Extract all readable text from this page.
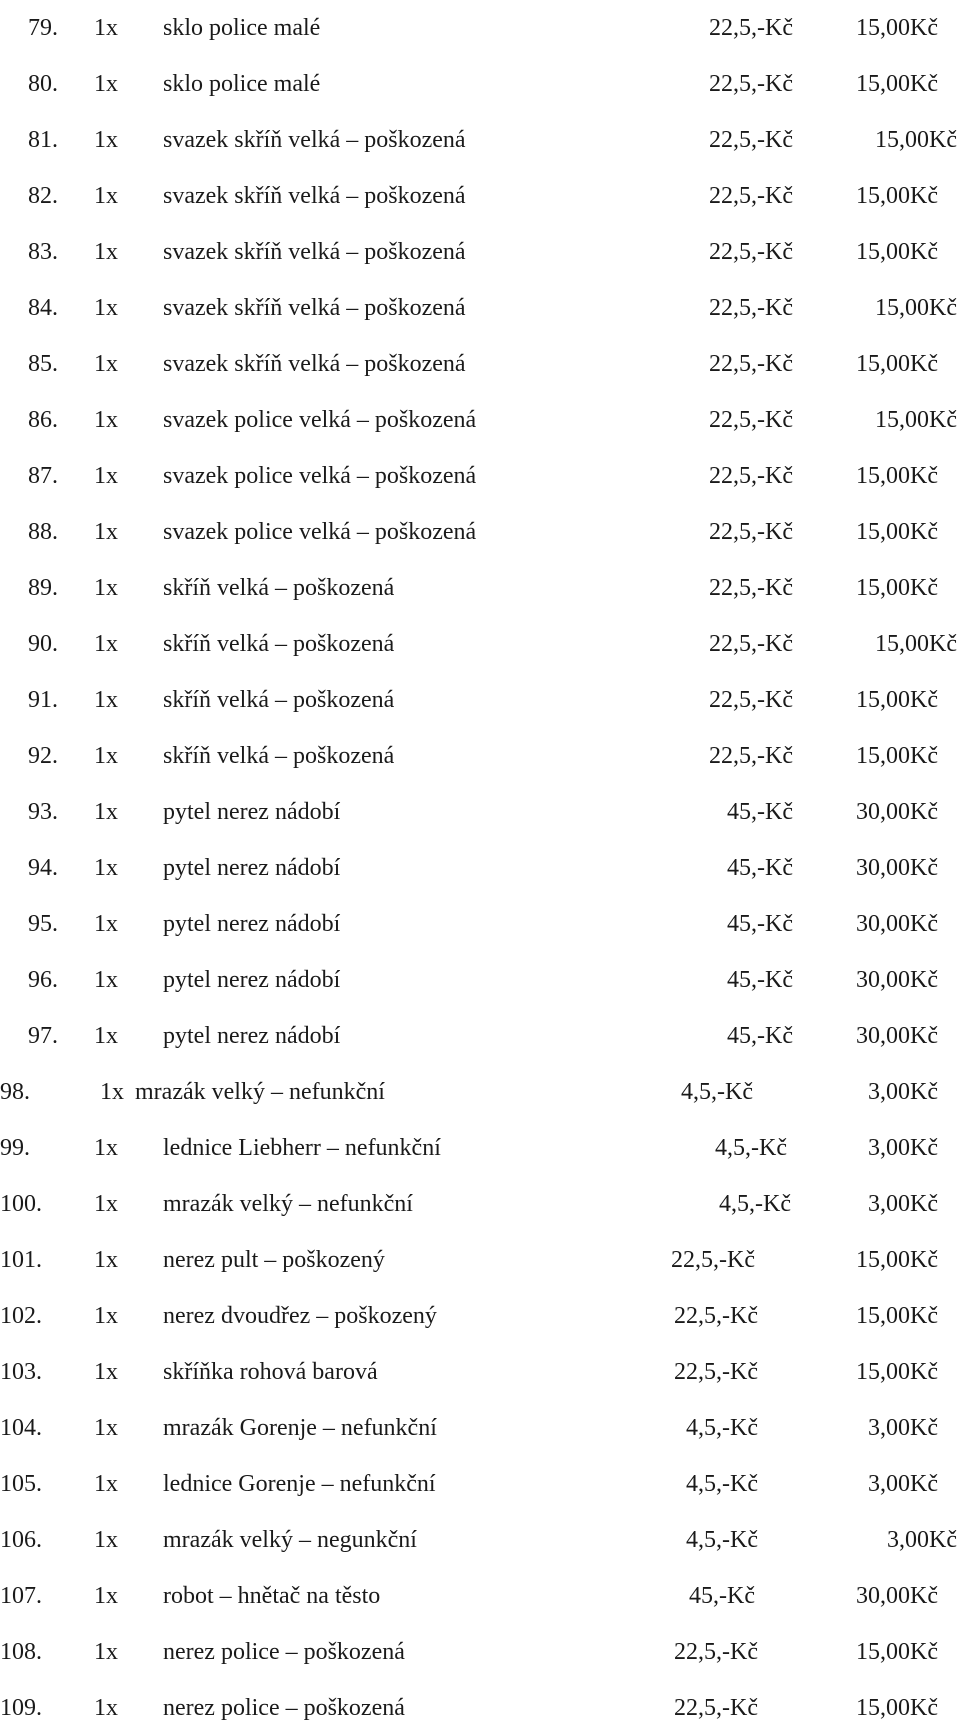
79. 1x sklo police malé	22,5,-Kč	15,00Kč
80. 1x sklo police malé	22,5,-Kč	15,00Kč
81. 1x svazek skříň velká – poškozená	22,5,-Kč	15,00Kč
82. 1x svazek skříň velká – poškozená	22,5,-Kč	15,00Kč
83. 1x svazek skříň velká – poškozená	22,5,-Kč	15,00Kč
84. 1x svazek skříň velká – poškozená	22,5,-Kč	15,00Kč
85. 1x svazek skříň velká – poškozená	22,5,-Kč	15,00Kč
86. 1x svazek police velká – poškozená	22,5,-Kč	15,00Kč
87. 1x svazek police velká – poškozená	22,5,-Kč	15,00Kč
88. 1x svazek police velká – poškozená	22,5,-Kč	15,00Kč
89. 1x skříň velká – poškozená	22,5,-Kč	15,00Kč
90. 1x skříň velká – poškozená	22,5,-Kč	15,00Kč
91. 1x skříň velká – poškozená	22,5,-Kč	15,00Kč
92. 1x skříň velká – poškozená	22,5,-Kč	15,00Kč
93. 1x pytel nerez nádobí	45,-Kč	30,00Kč
94. 1x pytel nerez nádobí	45,-Kč	30,00Kč
95. 1x pytel nerez nádobí	45,-Kč	30,00Kč
96. 1x pytel nerez nádobí	45,-Kč	30,00Kč
97. 1x pytel nerez nádobí	45,-Kč	30,00Kč
98.	1x mrazák velký – nefunkční	4,5,-Kč	3,00Kč
99.	1x lednice Liebherr – nefunkční	4,5,-Kč	3,00Kč
100. 1x mrazák velký – nefunkční	4,5,-Kč	3,00Kč
101. 1x nerez pult – poškozený	22,5,-Kč	15,00Kč
102. 1x nerez dvoudřez – poškozený	22,5,-Kč	15,00Kč
103. 1x skříňka rohová barová	22,5,-Kč	15,00Kč
104. 1x mrazák Gorenje – nefunkční	4,5,-Kč	3,00Kč
105. 1x lednice Gorenje – nefunkční	4,5,-Kč	3,00Kč
106. 1x mrazák velký – negunkční	4,5,-Kč	3,00Kč
107. 1x robot – hnětač na těsto	45,-Kč	30,00Kč
108. 1x nerez police – poškozená	22,5,-Kč	15,00Kč
109. 1x nerez police – poškozená	22,5,-Kč	15,00Kč
